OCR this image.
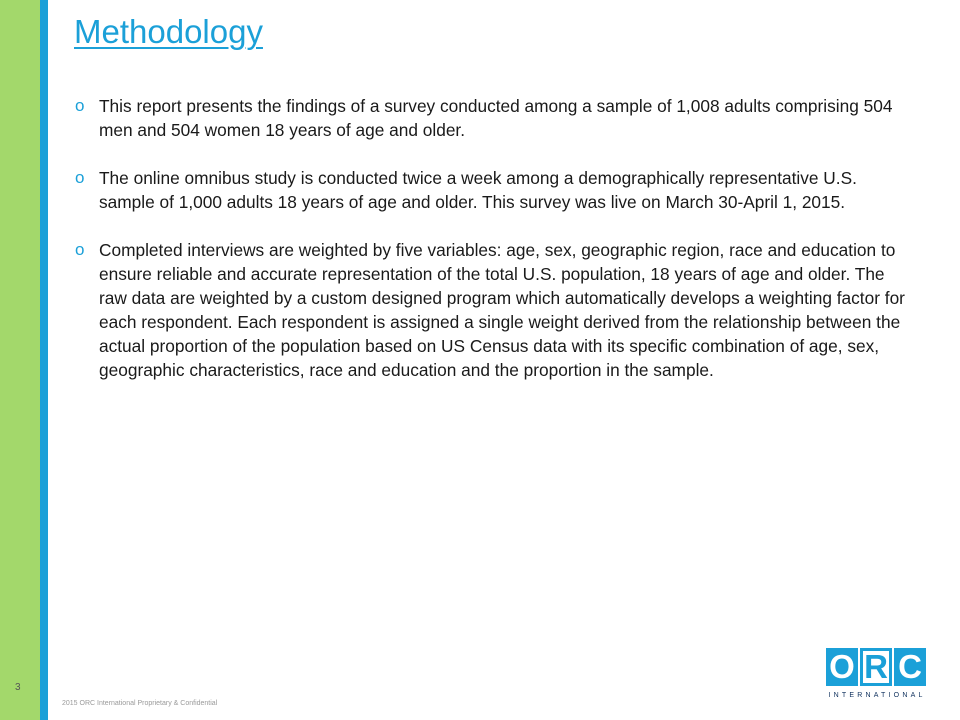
Methodology
o This report presents the findings of a survey conducted among a sample of 1,008 adults comprising 504 men and 504 women 18 years of age and older.
o The online omnibus study is conducted twice a week among a demographically representative U.S. sample of 1,000 adults 18 years of age and older. This survey was live on March 30-April 1, 2015.
o Completed interviews are weighted by five variables: age, sex, geographic region, race and education to ensure reliable and accurate representation of the total U.S. population, 18 years of age and older. The raw data are weighted by a custom designed program which automatically develops a weighting factor for each respondent. Each respondent is assigned a single weight derived from the relationship between the actual proportion of the population based on US Census data with its specific combination of age, sex, geographic characteristics, race and education and the proportion in the sample.
3
2015 ORC International Proprietary & Confidential
O R C
INTERNATIONAL
